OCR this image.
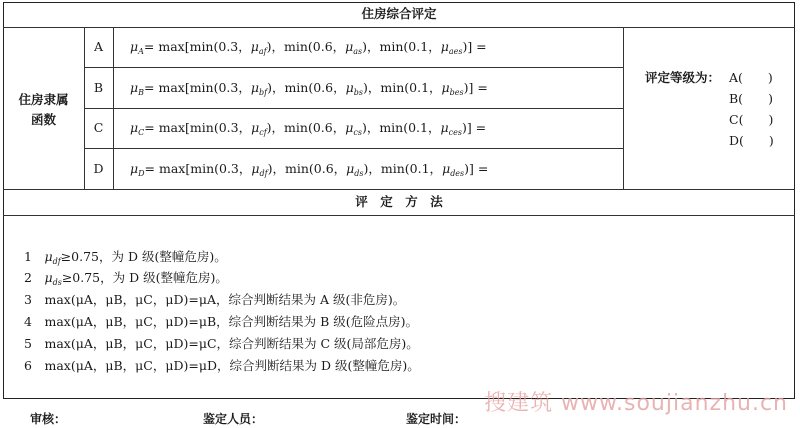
住房综合评定
住房隶属
函数
A	$\mu_A= \max[\min(0.3$，$\mu_{af}$)，min(0.6，$\mu_{as}$)，min(0.1，$\mu_{aes}$)] =
B	$\mu_B= \max[\min(0.3$，$\mu_{bf}$)，min(0.6，$\mu_{bs}$)，min(0.1，$\mu_{bes}$)] =
C	$\mu_C= \max[\min(0.3$，$\mu_{cf}$)，min(0.6，$\mu_{cs}$)，min(0.1，$\mu_{ces}$)] =
D	$\mu_D= \max[\min(0.3$，$\mu_{df}$)，min(0.6，$\mu_{ds}$)，min(0.1，$\mu_{des}$)] =
评定等级为： A(　　)
B(　　)
C(　　)
D(　　)
评　定　方　法
1　 $\mu_{df}\ge 0.75$，为 D 级(整幢危房)。
2　 $\mu_{ds}\ge 0.75$，为 D 级(整幢危房)。
3　 max(μA，μB，μC，μD)=μA，综合判断结果为 A 级(非危房)。
4　 max(μA，μB，μC，μD)=μB，综合判断结果为 B 级(危险点房)。
5　 max(μA，μB，μC，μD)=μC，综合判断结果为 C 级(局部危房)。
6　 max(μA，μB，μC，μD)=μD，综合判断结果为 D 级(整幢危房)。
搜建筑 www.soujianzhu.cn
审核：	鉴定人员：	鉴定时间：
